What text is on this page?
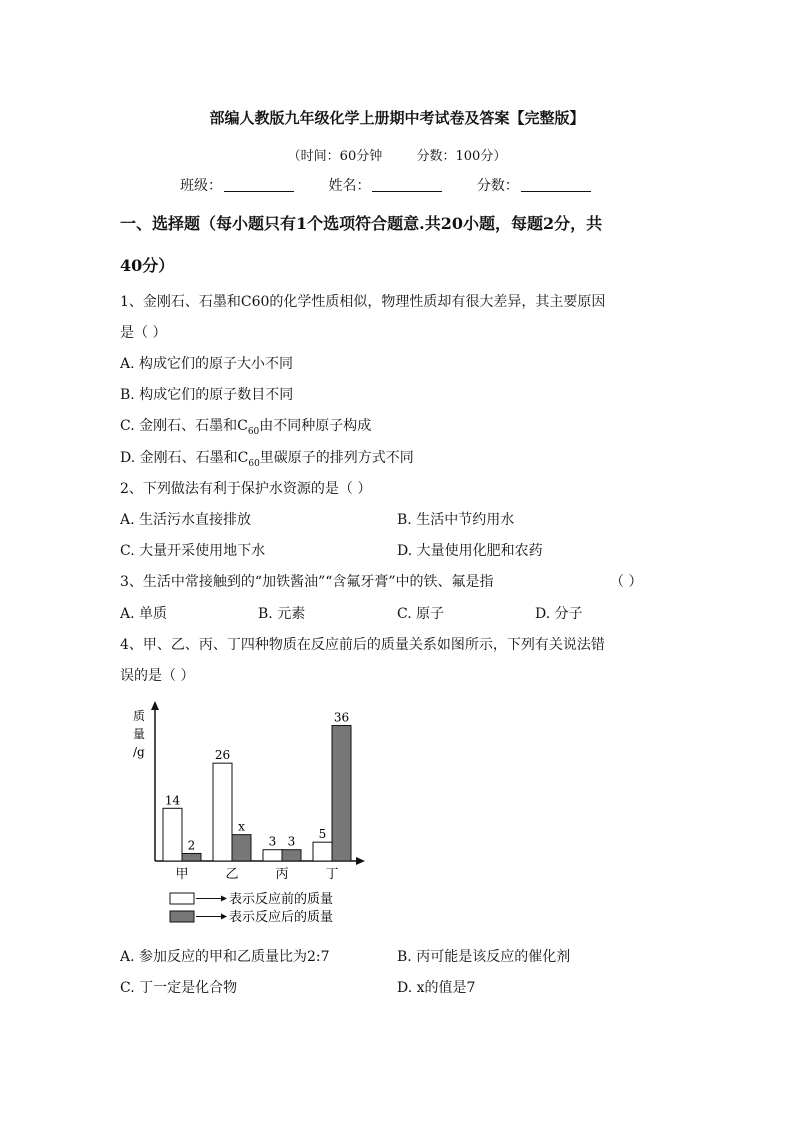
部编人教版九年级化学上册期中考试卷及答案【完整版】
（时间：60分钟	分数：100分）
班级：	姓名：	分数：
一、选择题（每小题只有1个选项符合题意.共20小题，每题2分，共
40分）
1、金刚石、石墨和C60的化学性质相似，物理性质却有很大差异，其主要原因
是（ ）
A. 构成它们的原子大小不同
B. 构成它们的原子数目不同
C. 金刚石、石墨和$C_{60}$由不同种原子构成
D. 金刚石、石墨和$C_{60}$里碳原子的排列方式不同
2、下列做法有利于保护水资源的是（ ）
A. 生活污水直接排放	B. 生活中节约用水
C. 大量开采使用地下水	D. 大量使用化肥和农药
3、生活中常接触到的“加铁酱油”“含氟牙膏”中的铁、氟是指	（ ）
A. 单质	B. 元素	C. 原子	D. 分子
4、甲、乙、丙、丁四种物质在反应前后的质量关系如图所示，下列有关说法错
误的是（ ）
质
量
/g
14
2
甲
26
x
乙
3 3
丙
5
36
丁
表示反应前的质量
表示反应后的质量
A. 参加反应的甲和乙质量比为2:7	B. 丙可能是该反应的催化剂
C. 丁一定是化合物	D. x的值是7
